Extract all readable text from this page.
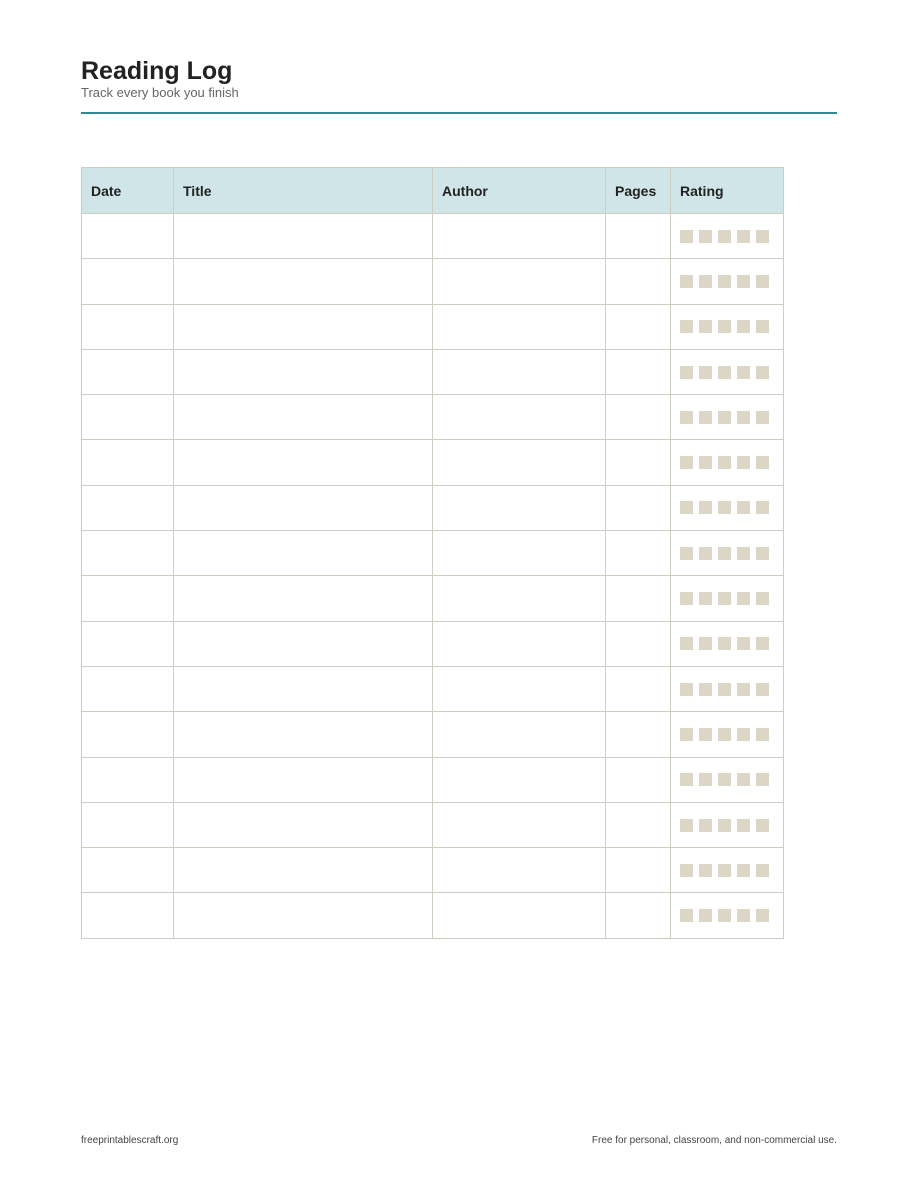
Reading Log

Track every book you finish

Date	Title	Author	Pages	Rating

freeprintablescraft.org	Free for personal, classroom, and non-commercial use.
